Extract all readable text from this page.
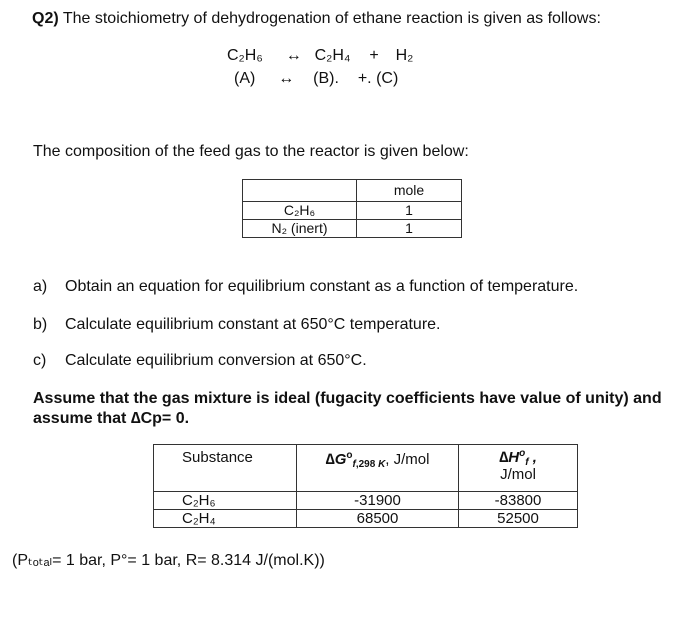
Q2) The stoichiometry of dehydrogenation of ethane reaction is given as follows:
C₂H₆ ↔ C₂H₄ + H₂
(A) ↔ (B). +. (C)
The composition of the feed gas to the reactor is given below:
	mole
C₂H₆	1
N₂ (inert)	1
a) Obtain an equation for equilibrium constant as a function of temperature.
b) Calculate equilibrium constant at 650°C temperature.
c) Calculate equilibrium conversion at 650°C.
Assume that the gas mixture is ideal (fugacity coefficients have value of unity) and
assume that ∆Cp= 0.
Substance	$\Delta G^o_{f,298 K}$, J/mol	$\Delta H^o_f$ ,
J/mol

C₂H₆	-31900	-83800
C₂H₄	68500	52500
(Pₜₒₜₐₗ= 1 bar, P°= 1 bar, R= 8.314 J/(mol.K))
